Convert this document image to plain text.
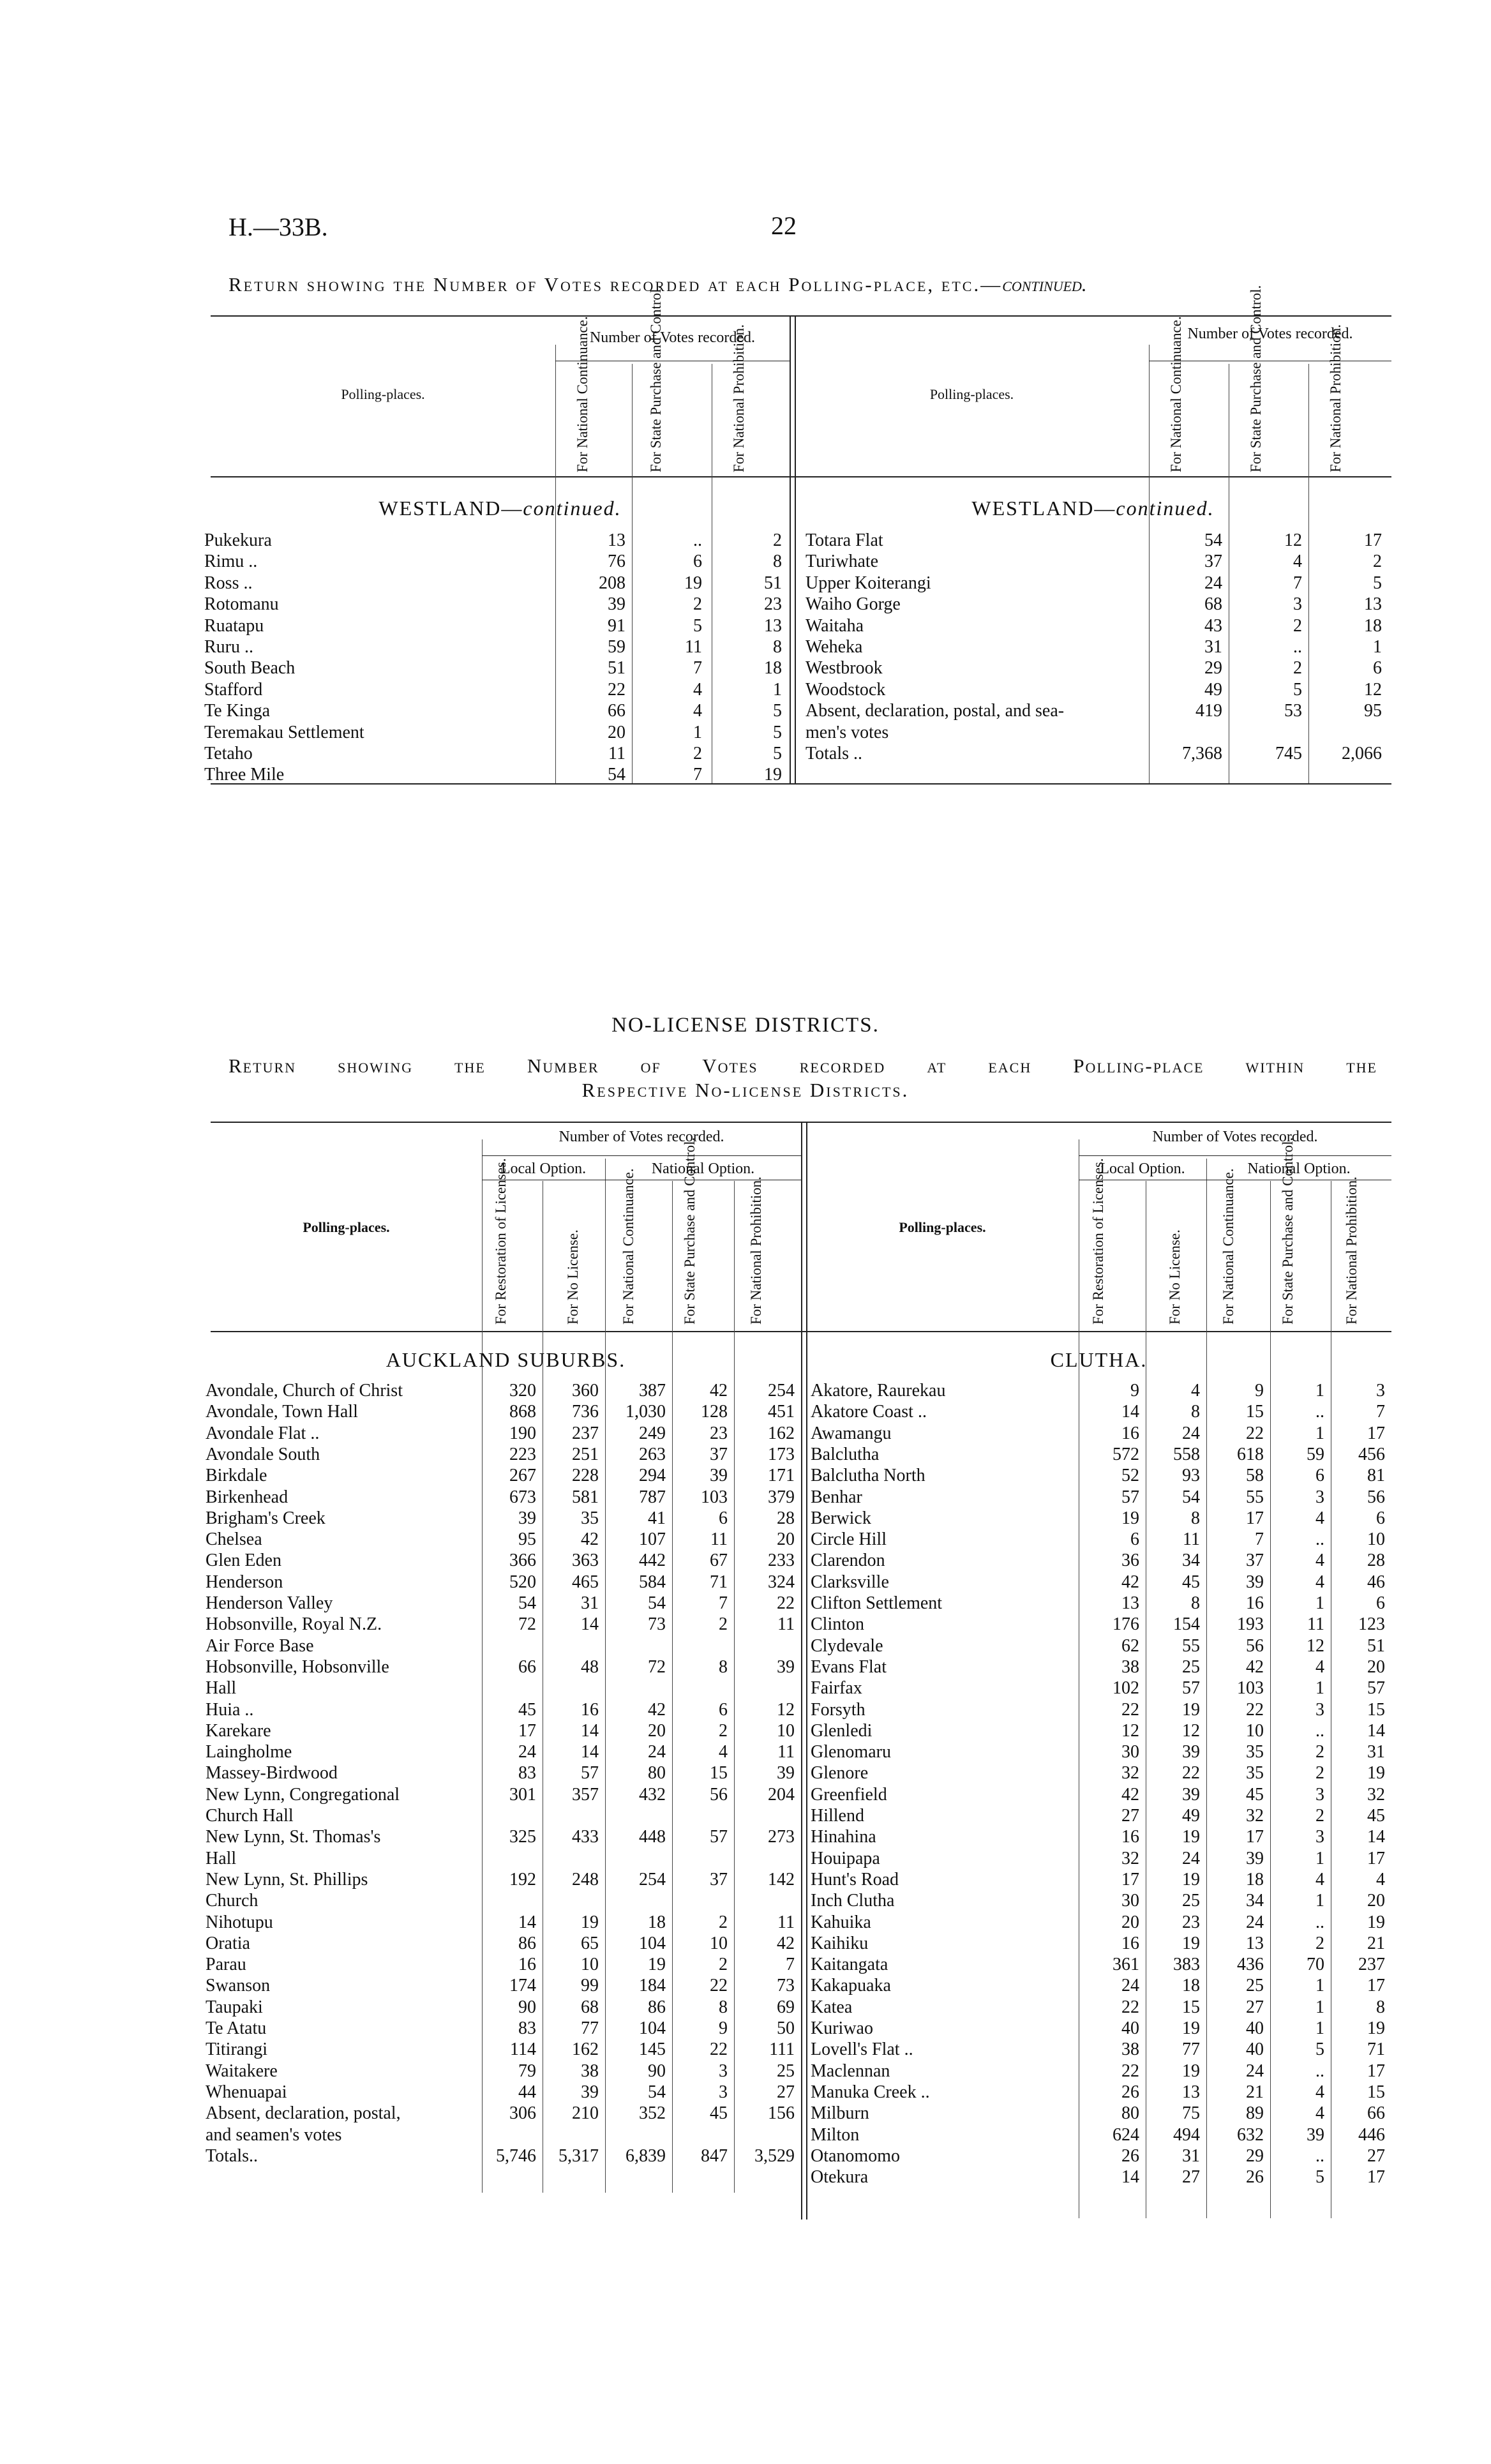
H.—33B.	22
Return showing the Number of Votes recorded at each Polling-place, etc.—continued.
Polling-places.
Number of Votes recorded.
For National Continuance.	For State Purchase and Control.	For National Prohibition.	Polling-places.
Number of Votes recorded.
For National Continuance.	For State Purchase and Control.	For National Prohibition.
WESTLAND—continued.	WESTLAND—continued.
Pukekura	13	..	2
Rimu ..	76	6	8
Ross ..	208	19	51
Rotomanu	39	2	23
Ruatapu	91	5	13
Ruru ..	59	11	8
South Beach	51	7	18
Stafford	22	4	1
Te Kinga	66	4	5
Teremakau Settlement	20	1	5
Tetaho	11	2	5
Three Mile	54	7	19
Totara Flat	54	12	17
Turiwhate	37	4	2
Upper Koiterangi	24	7	5
Waiho Gorge	68	3	13
Waitaha	43	2	18
Weheka	31	..	1
Westbrook	29	2	6
Woodstock	49	5	12
Absent, declaration, postal, and sea-	419	53	95
men's votes
Totals ..	7,368	745	2,066
NO-LICENSE DISTRICTS.
Return showing the Number of Votes recorded at each Polling-place within the
Respective No-license Districts.
Polling-places.
Number of Votes recorded.
Local Option.	National Option.
For Restoration of Licenses.	For No License.	For National Continuance.	For State Purchase and Control.	For National Prohibition.	Polling-places.
Number of Votes recorded.
Local Option.	National Option.
For Restoration of Licenses.	For No License.	For National Continuance.	For State Purchase and Control.	For National Prohibition.
AUCKLAND SUBURBS.	CLUTHA.
Avondale, Church of Christ	320	360	387	42	254
Avondale, Town Hall	868	736	1,030	128	451
Avondale Flat ..	190	237	249	23	162
Avondale South	223	251	263	37	173
Birkdale	267	228	294	39	171
Birkenhead	673	581	787	103	379
Brigham's Creek	39	35	41	6	28
Chelsea	95	42	107	11	20
Glen Eden	366	363	442	67	233
Henderson	520	465	584	71	324
Henderson Valley	54	31	54	7	22
Hobsonville, Royal N.Z.	72	14	73	2	11
Air Force Base
Hobsonville, Hobsonville	66	48	72	8	39
Hall
Huia ..	45	16	42	6	12
Karekare	17	14	20	2	10
Laingholme	24	14	24	4	11
Massey-Birdwood	83	57	80	15	39
New Lynn, Congregational	301	357	432	56	204
Church Hall
New Lynn, St. Thomas's	325	433	448	57	273
Hall
New Lynn, St. Phillips	192	248	254	37	142
Church
Nihotupu	14	19	18	2	11
Oratia	86	65	104	10	42
Parau	16	10	19	2	7
Swanson	174	99	184	22	73
Taupaki	90	68	86	8	69
Te Atatu	83	77	104	9	50
Titirangi	114	162	145	22	111
Waitakere	79	38	90	3	25
Whenuapai	44	39	54	3	27
Absent, declaration, postal,	306	210	352	45	156
and seamen's votes
Totals..	5,746	5,317	6,839	847	3,529
Akatore, Raurekau	9	4	9	1	3
Akatore Coast ..	14	8	15	..	7
Awamangu	16	24	22	1	17
Balclutha	572	558	618	59	456
Balclutha North	52	93	58	6	81
Benhar	57	54	55	3	56
Berwick	19	8	17	4	6
Circle Hill	6	11	7	..	10
Clarendon	36	34	37	4	28
Clarksville	42	45	39	4	46
Clifton Settlement	13	8	16	1	6
Clinton	176	154	193	11	123
Clydevale	62	55	56	12	51
Evans Flat	38	25	42	4	20
Fairfax	102	57	103	1	57
Forsyth	22	19	22	3	15
Glenledi	12	12	10	..	14
Glenomaru	30	39	35	2	31
Glenore	32	22	35	2	19
Greenfield	42	39	45	3	32
Hillend	27	49	32	2	45
Hinahina	16	19	17	3	14
Houipapa	32	24	39	1	17
Hunt's Road	17	19	18	4	4
Inch Clutha	30	25	34	1	20
Kahuika	20	23	24	..	19
Kaihiku	16	19	13	2	21
Kaitangata	361	383	436	70	237
Kakapuaka	24	18	25	1	17
Katea	22	15	27	1	8
Kuriwao	40	19	40	1	19
Lovell's Flat ..	38	77	40	5	71
Maclennan	22	19	24	..	17
Manuka Creek ..	26	13	21	4	15
Milburn	80	75	89	4	66
Milton	624	494	632	39	446
Otanomomo	26	31	29	..	27
Otekura	14	27	26	5	17
